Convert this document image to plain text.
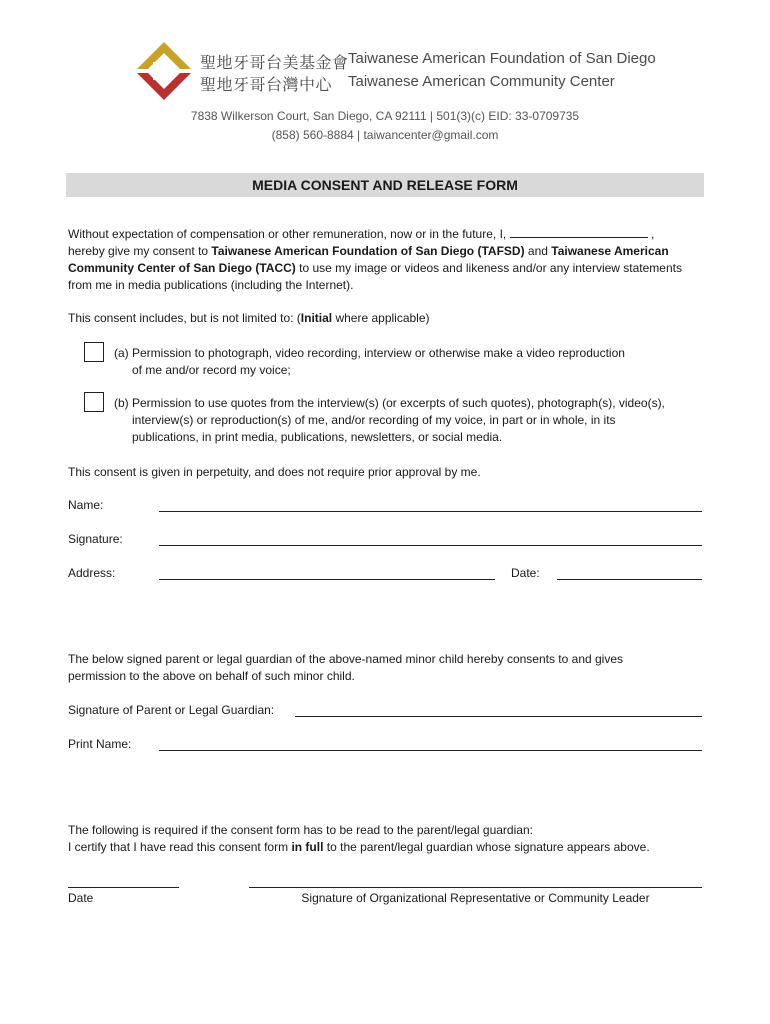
聖地牙哥台美基金會
聖地牙哥台灣中心
Taiwanese American Foundation of San Diego
Taiwanese American Community Center
7838 Wilkerson Court, San Diego, CA 92111 | 501(3)(c) EID: 33-0709735
(858) 560-8884 | taiwancenter@gmail.com
MEDIA CONSENT AND RELEASE FORM
Without expectation of compensation or other remuneration, now or in the future, I,	,
hereby give my consent to Taiwanese American Foundation of San Diego (TAFSD) and Taiwanese American
Community Center of San Diego (TACC) to use my image or videos and likeness and/or any interview statements
from me in media publications (including the Internet).
This consent includes, but is not limited to: (Initial where applicable)
(a) Permission to photograph, video recording, interview or otherwise make a video reproduction
of me and/or record my voice;
(b) Permission to use quotes from the interview(s) (or excerpts of such quotes), photograph(s), video(s),
interview(s) or reproduction(s) of me, and/or recording of my voice, in part or in whole, in its
publications, in print media, publications, newsletters, or social media.
This consent is given in perpetuity, and does not require prior approval by me.
Name:
Signature:
Address:	Date:
The below signed parent or legal guardian of the above-named minor child hereby consents to and gives
permission to the above on behalf of such minor child.
Signature of Parent or Legal Guardian:
Print Name:
The following is required if the consent form has to be read to the parent/legal guardian:
I certify that I have read this consent form in full to the parent/legal guardian whose signature appears above.
Date	Signature of Organizational Representative or Community Leader
